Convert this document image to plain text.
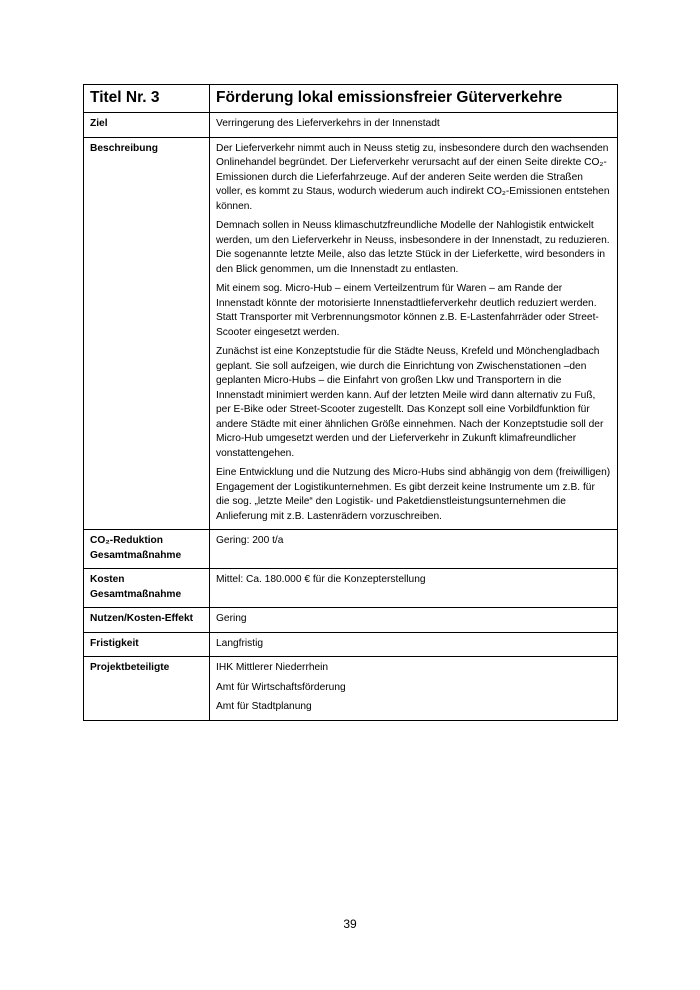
Titel Nr. 3	Förderung lokal emissionsfreier Güterverkehre
Ziel	Verringerung des Lieferverkehrs in der Innenstadt
Beschreibung	Der Lieferverkehr nimmt auch in Neuss stetig zu, insbesondere durch den wachsenden Onlinehandel begründet. Der Lieferverkehr verursacht auf der einen Seite direkte CO₂-Emissionen durch die Lieferfahrzeuge. Auf der anderen Seite werden die Straßen voller, es kommt zu Staus, wodurch wiederum auch indirekt CO₂-Emissionen entstehen können.

Demnach sollen in Neuss klimaschutzfreundliche Modelle der Nahlogistik entwickelt werden, um den Lieferverkehr in Neuss, insbesondere in der Innenstadt, zu reduzieren. Die sogenannte letzte Meile, also das letzte Stück in der Lieferkette, wird besonders in den Blick genommen, um die Innenstadt zu entlasten.

Mit einem sog. Micro-Hub – einem Verteilzentrum für Waren – am Rande der Innenstadt könnte der motorisierte Innenstadtlieferverkehr deutlich reduziert werden. Statt Transporter mit Verbrennungsmotor können z.B. E-Lastenfahrräder oder Street-Scooter eingesetzt werden.

Zunächst ist eine Konzeptstudie für die Städte Neuss, Krefeld und Mönchengladbach geplant. Sie soll aufzeigen, wie durch die Einrichtung von Zwischenstationen –den geplanten Micro-Hubs – die Einfahrt von großen Lkw und Transportern in die Innenstadt minimiert werden kann. Auf der letzten Meile wird dann alternativ zu Fuß, per E-Bike oder Street-Scooter zugestellt. Das Konzept soll eine Vorbildfunktion für andere Städte mit einer ähnlichen Größe einnehmen. Nach der Konzeptstudie soll der Micro-Hub umgesetzt werden und der Lieferverkehr in Zukunft klimafreundlicher vonstattengehen.

Eine Entwicklung und die Nutzung des Micro-Hubs sind abhängig von dem (freiwilligen) Engagement der Logistikunternehmen. Es gibt derzeit keine Instrumente um z.B. für die sog. „letzte Meile“ den Logistik- und Paketdienstleistungsunternehmen die Anlieferung mit z.B. Lastenrädern vorzuschreiben.

CO₂-Reduktion Gesamtmaßnahme	Gering: 200 t/a
Kosten Gesamtmaßnahme	Mittel: Ca. 180.000 € für die Konzepterstellung
Nutzen/Kosten-Effekt	Gering
Fristigkeit	Langfristig
Projektbeteiligte	IHK Mittlerer Niederrhein

Amt für Wirtschaftsförderung

Amt für Stadtplanung

39
